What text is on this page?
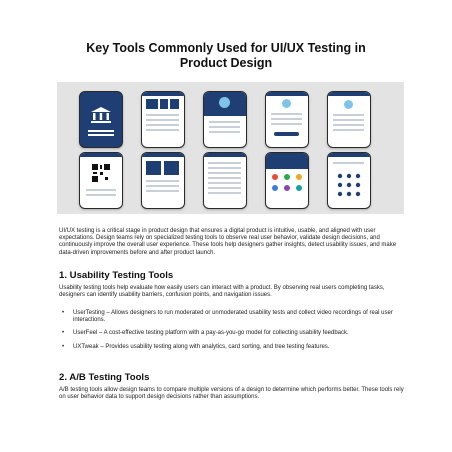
Key Tools Commonly Used for UI/UX Testing in
Product Design
UI/UX testing is a critical stage in product design that ensures a digital product is intuitive, usable, and aligned with user expectations. Design teams rely on specialized testing tools to observe real user behavior, validate design decisions, and continuously improve the overall user experience. These tools help designers gather insights, detect usability issues, and make data-driven improvements before and after product launch.
1. Usability Testing Tools
Usability testing tools help evaluate how easily users can interact with a product. By observing real users completing tasks, designers can identify usability barriers, confusion points, and navigation issues.
• UserTesting – Allows designers to run moderated or unmoderated usability tests and collect video recordings of real user interactions.
• UserFeel – A cost-effective testing platform with a pay-as-you-go model for collecting usability feedback.
• UXTweak – Provides usability testing along with analytics, card sorting, and tree testing features.
2. A/B Testing Tools
A/B testing tools allow design teams to compare multiple versions of a design to determine which performs better. These tools rely on user behavior data to support design decisions rather than assumptions.
